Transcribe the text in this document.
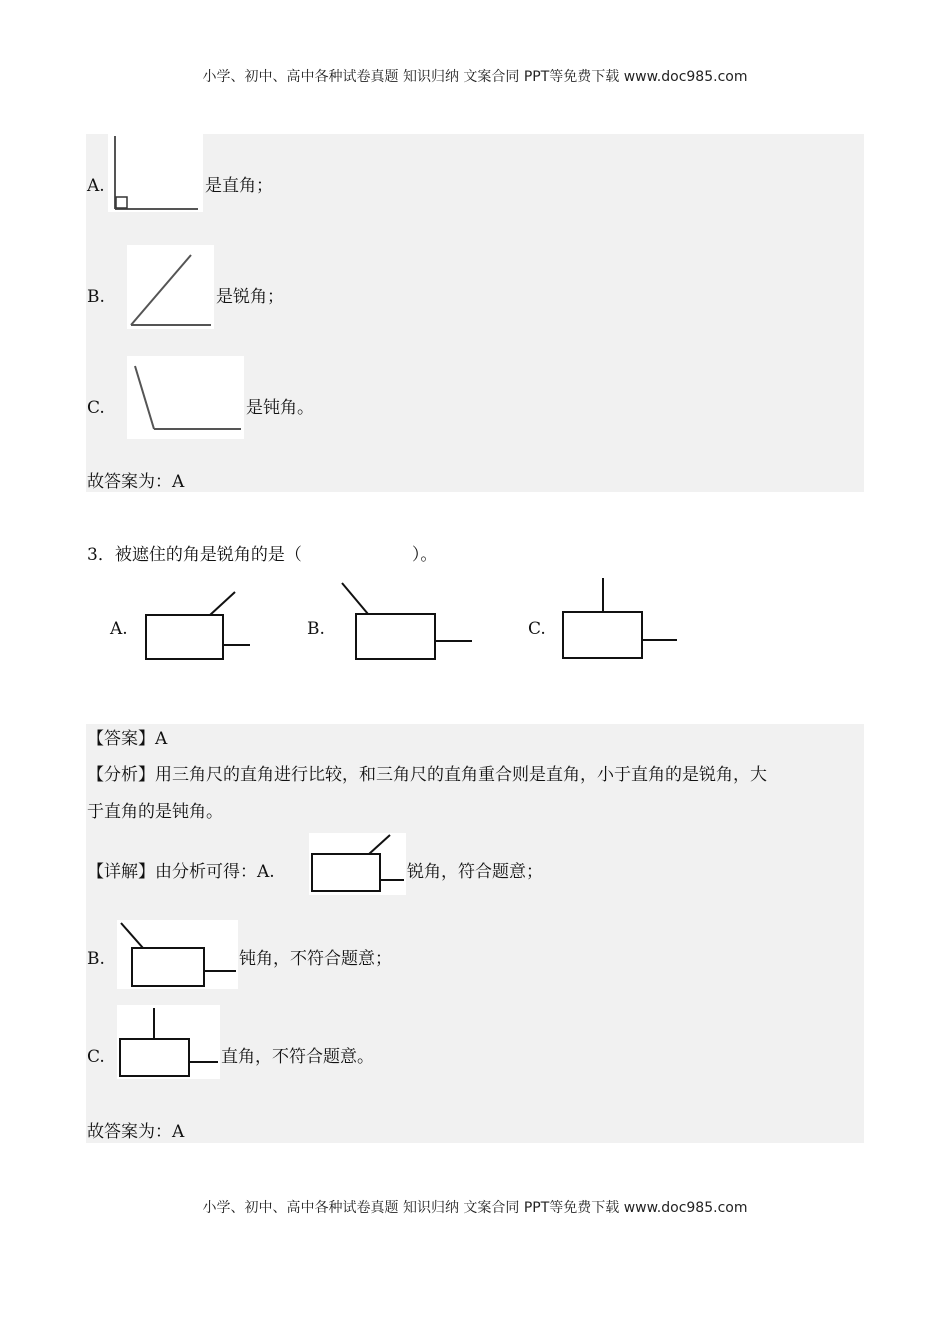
小学、初中、高中各种试卷真题 知识归纳 文案合同 PPT等免费下载 www.doc985.com
A.	是直角；
B.	是锐角；
C.	是钝角。
故答案为：A
3．被遮住的角是锐角的是（	）。
A.	B.	C.
【答案】A
【分析】用三角尺的直角进行比较，和三角尺的直角重合则是直角，小于直角的是锐角，大
于直角的是钝角。
【详解】由分析可得：A.	锐角，符合题意；
B.	钝角，不符合题意；
C.	直角，不符合题意。
故答案为：A
小学、初中、高中各种试卷真题 知识归纳 文案合同 PPT等免费下载 www.doc985.com
